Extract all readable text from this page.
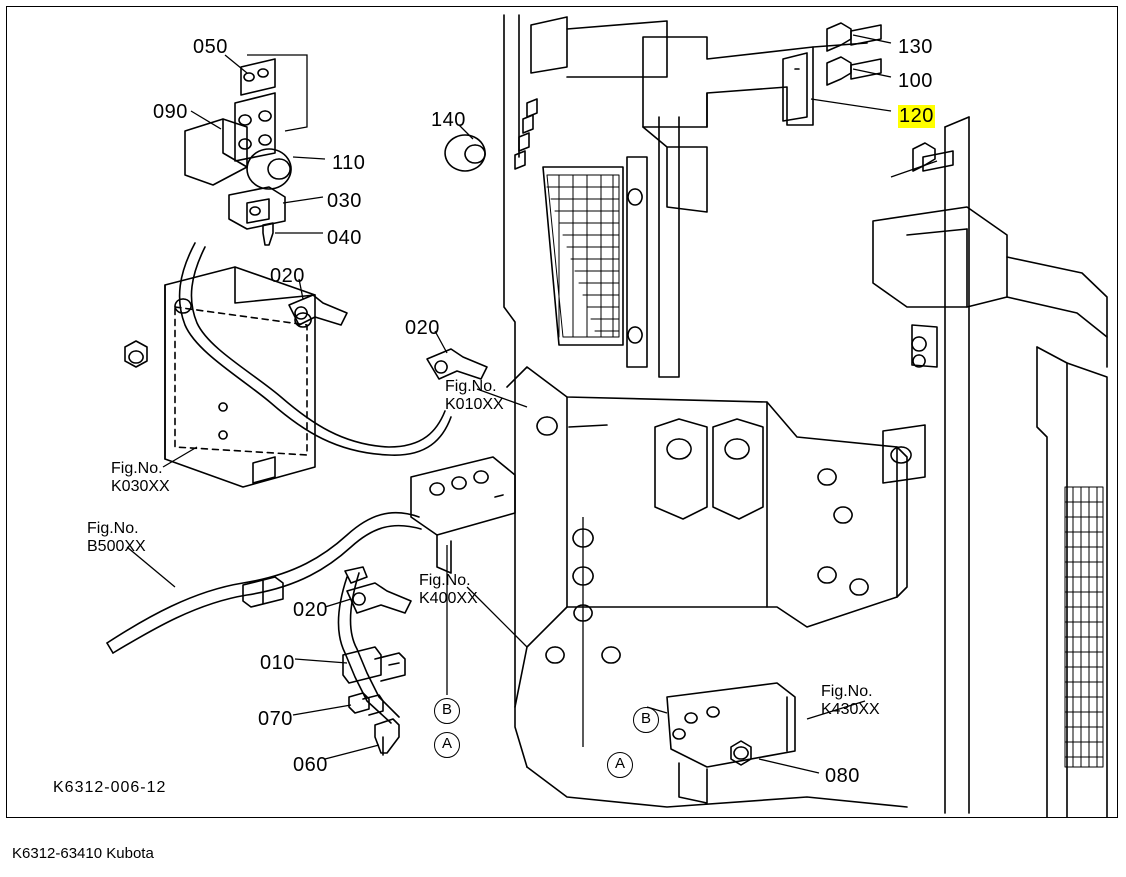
050
090
110
030
040
140
130
100
120
020
020
020
010
070
060	080
Fig.No.
K010XX
Fig.No.
K030XX
Fig.No.
B500XX
Fig.No.
K400XX
Fig.No.
K430XX
B
A
B
A
K6312-006-12
K6312-63410 Kubota
